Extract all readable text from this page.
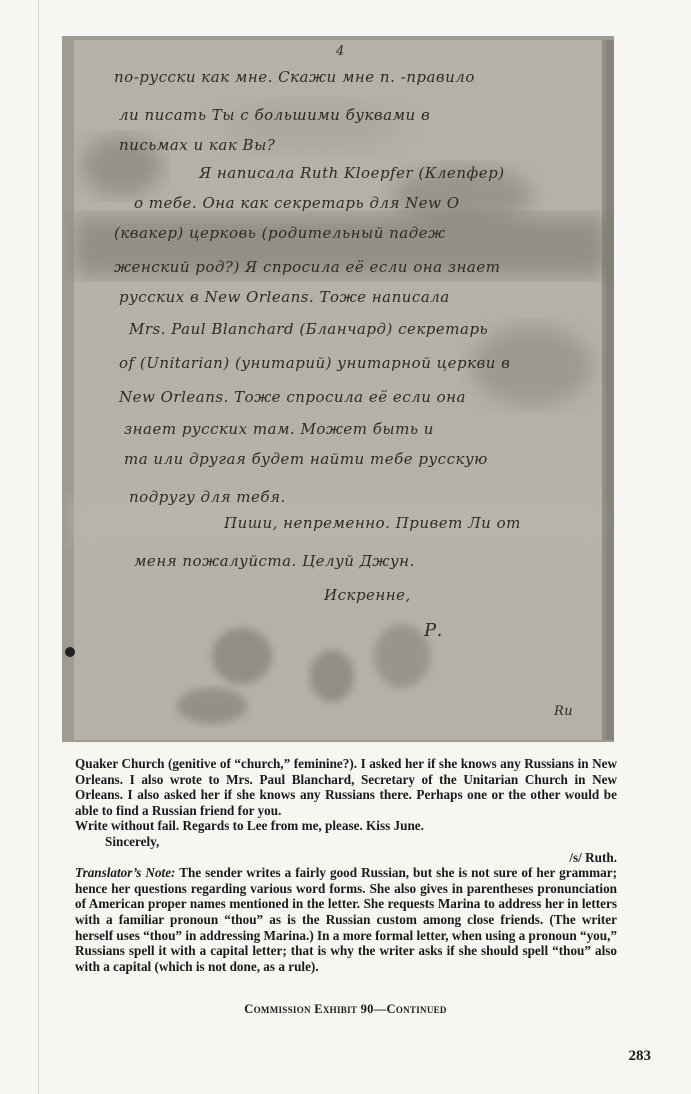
4
по-русски как мне. Скажи мне п. -правило
ли писать Ты с большими буквами в
письмах и как Вы?
Я написала Ruth Kloepfer (Клепфер)
о тебе. Она как секретарь для New O
(квакер) церковь (родительный падеж
женский род?) Я спросила её если она знает
русских в New Orleans. Тоже написала
Mrs. Paul Blanchard (Бланчард) секретарь
of (Unitarian) (унитарий) унитарной церкви в
New Orleans. Тоже спросила её если она
знает русских там. Может быть и
та или другая будет найти тебе русскую
подругу для тебя.
Пиши, непременно. Привет Ли от
меня пожалуйста. Целуй Джун.
Искренне,
Р.
Ru

Quaker Church (genitive of “church,” feminine?). I asked her if she knows any Russians in New Orleans. I also wrote to Mrs. Paul Blanchard, Secretary of the Unitarian Church in New Orleans. I also asked her if she knows any Russians there. Perhaps one or the other would be able to find a Russian friend for you.

Write without fail. Regards to Lee from me, please. Kiss June.

Sincerely,

/s/ Ruth.

Translator’s Note: The sender writes a fairly good Russian, but she is not sure of her grammar; hence her questions regarding various word forms. She also gives in parentheses pronunciation of American proper names mentioned in the letter. She requests Marina to address her in letters with a familiar pronoun “thou” as is the Russian custom among close friends. (The writer herself uses “thou” in addressing Marina.) In a more formal letter, when using a pronoun “you,” Russians spell it with a capital letter; that is why the writer asks if she should spell “thou” also with a capital (which is not done, as a rule).

Commission Exhibit 90—Continued
283
